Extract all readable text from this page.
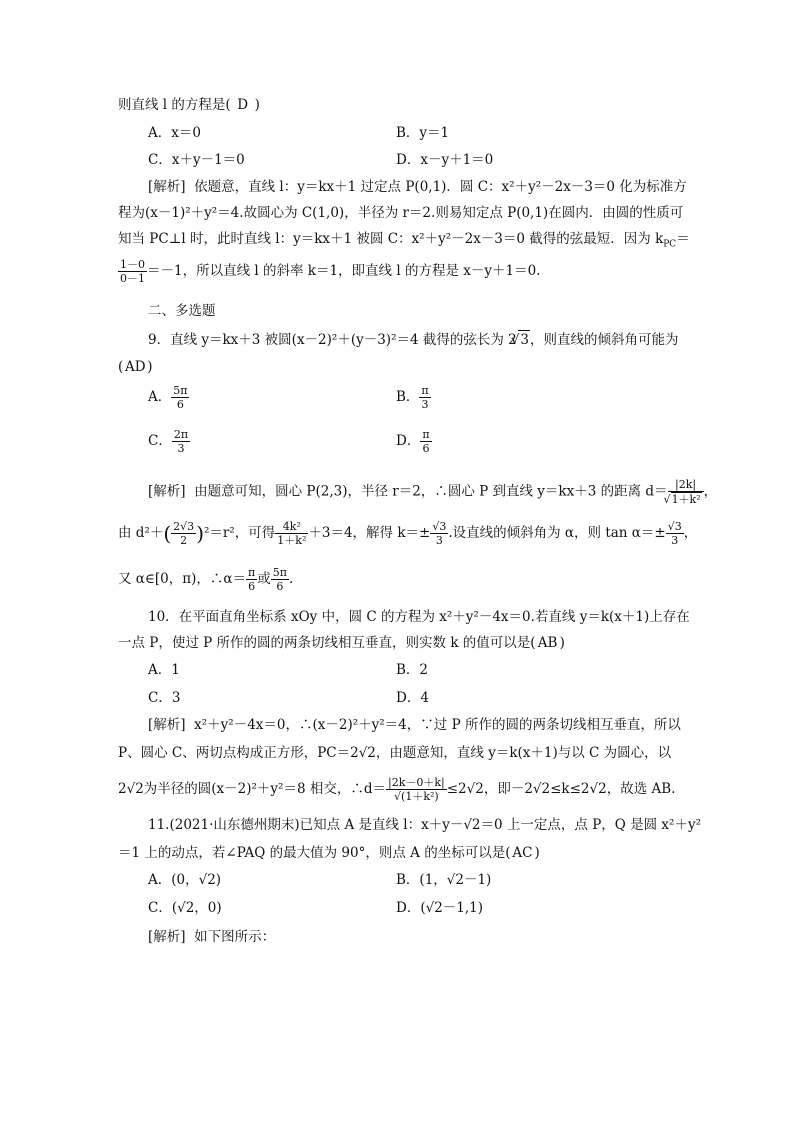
则直线 l 的方程是( D )
A．x＝0	B．y＝1
C．x＋y－1＝0	D．x－y＋1＝0
[解析] 依题意，直线 l：y＝kx＋1 过定点 P(0,1)．圆 C：x²＋y²－2x－3＝0 化为标准方
程为(x－1)²＋y²＝4.故圆心为 C(1,0)，半径为 r＝2.则易知定点 P(0,1)在圆内．由圆的性质可
知当 PC⊥l 时，此时直线 l：y＝kx＋1 被圆 C：x²＋y²－2x－3＝0 截得的弦最短．因为 $k_{PC}=$
$\frac{1-0}{0-1} =-1$，所以直线 l 的斜率 k＝1，即直线 l 的方程是 x－y＋1＝0.
二、多选题
9．直线 y＝kx＋3 被圆(x－2)²＋(y－3)²＝4 截得的弦长为 2 √ 3，则直线的倾斜角可能为
( AD )
A． $\frac{5\pi}{6}$	B． $\frac{\pi}{3}$
C． $\frac{2\pi}{3}$	D． $\frac{\pi}{6}$
[解析] 由题意可知，圆心 P(2,3)，半径 r＝2，∴圆心 P 到直线 y＝kx＋3 的距离 d＝ |2k|
√ 1＋k² ，
由 $d^2+( \frac{2√3}{2} )^2=r^2$，可得 $\frac{\text{4k²}}{\text{1＋k²}} +3=4$，解得 $k=\pm \frac{√3}{3}$ .设直线的倾斜角为 α，则 $\tan \alpha=\pm \frac{√3}{3}$ ，
又 α∈[0，π)，∴α＝ $\frac{\pi}{6}$ 或 $\frac{5\pi}{6}$ .
10．在平面直角坐标系 xOy 中，圆 C 的方程为 x²＋y²－4x＝0.若直线 y＝k(x＋1)上存在
一点 P，使过 P 所作的圆的两条切线相互垂直，则实数 k 的值可以是( AB )
A．1	B．2
C．3	D．4
[解析] x²＋y²－4x＝0，∴(x－2)²＋y²＝4，∵过 P 所作的圆的两条切线相互垂直，所以
P、圆心 C、两切点构成正方形，PC＝2√2，由题意知，直线 y＝k(x＋1)与以 C 为圆心，以
2√2为半径的圆(x－2)²＋y²＝8 相交，∴d＝ $\frac{|2k-0+k|}{\text{√(1＋k²)}} \le 2√2$，即－2√2≤k≤2√2，故选 AB.
11.(2021·山东德州期末)已知点 A 是直线 l：x＋y－√2＝0 上一定点，点 P，Q 是圆 x²＋y²
＝1 上的动点，若∠PAQ 的最大值为 90°，则点 A 的坐标可以是( AC )
A．(0，√2)	B．(1，√2－1)
C．(√2，0)	D．(√2－1,1)
[解析] 如下图所示：
